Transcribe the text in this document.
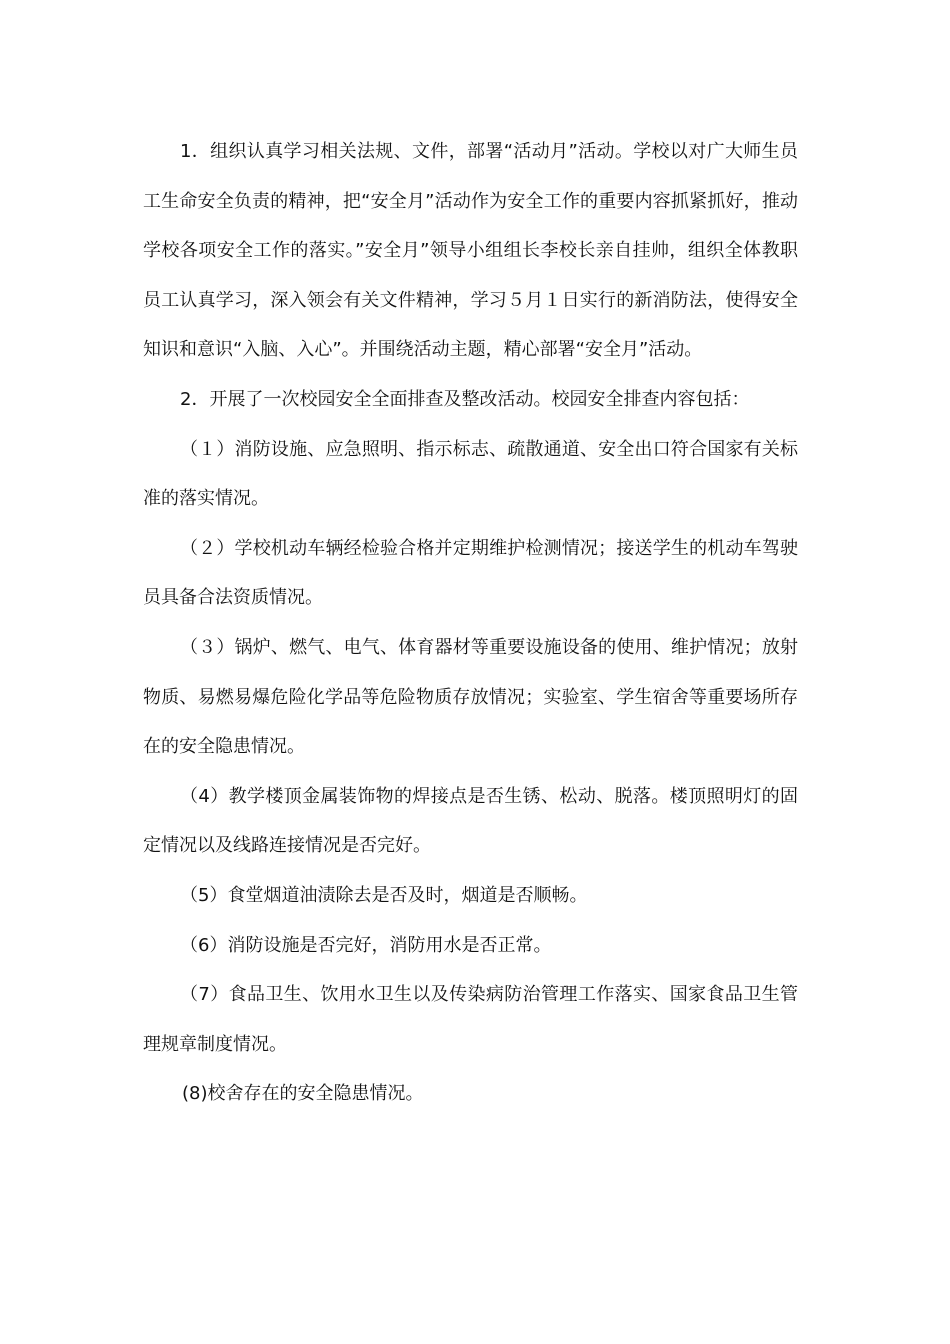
1．组织认真学习相关法规、文件，部署“活动月”活动。学校以对广大师生员工生命安全负责的精神，把“安全月”活动作为安全工作的重要内容抓紧抓好，推动学校各项安全工作的落实。”安全月”领导小组组长李校长亲自挂帅，组织全体教职员工认真学习，深入领会有关文件精神，学习５月１日实行的新消防法，使得安全知识和意识“入脑、入心”。并围绕活动主题，精心部署“安全月”活动。

2．开展了一次校园安全全面排查及整改活动。校园安全排查内容包括：

（１）消防设施、应急照明、指示标志、疏散通道、安全出口符合国家有关标准的落实情况。

（２）学校机动车辆经检验合格并定期维护检测情况；接送学生的机动车驾驶员具备合法资质情况。

（３）锅炉、燃气、电气、体育器材等重要设施设备的使用、维护情况；放射物质、易燃易爆危险化学品等危险物质存放情况；实验室、学生宿舍等重要场所存在的安全隐患情况。

（4）教学楼顶金属装饰物的焊接点是否生锈、松动、脱落。楼顶照明灯的固定情况以及线路连接情况是否完好。

（5）食堂烟道油渍除去是否及时，烟道是否顺畅。

（6）消防设施是否完好，消防用水是否正常。

（7）食品卫生、饮用水卫生以及传染病防治管理工作落实、国家食品卫生管理规章制度情况。

(8)校舍存在的安全隐患情况。
